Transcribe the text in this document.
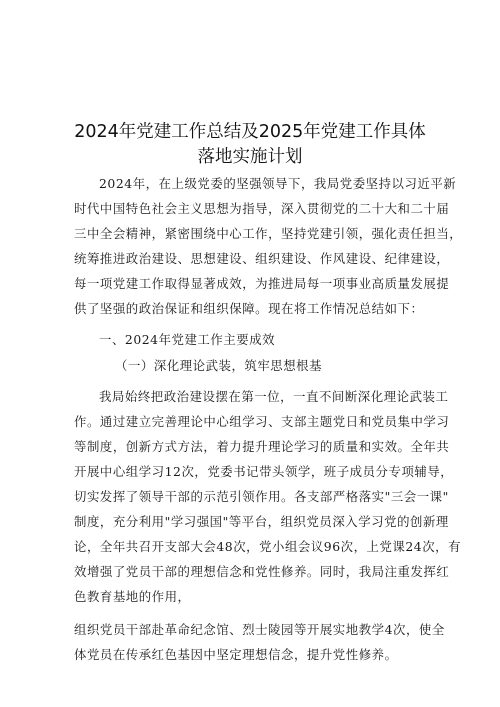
2024年党建工作总结及2025年党建工作具体
落地实施计划
2024年，在上级党委的坚强领导下，我局党委坚持以习近平新
时代中国特色社会主义思想为指导，深入贯彻党的二十大和二十届
三中全会精神，紧密围绕中心工作，坚持党建引领，强化责任担当，
统筹推进政治建设、思想建设、组织建设、作风建设、纪律建设，
每一项党建工作取得显著成效，为推进局每一项事业高质量发展提
供了坚强的政治保证和组织保障。现在将工作情况总结如下：
一、2024年党建工作主要成效
（一）深化理论武装，筑牢思想根基
我局始终把政治建设摆在第一位，一直不间断深化理论武装工
作。通过建立完善理论中心组学习、支部主题党日和党员集中学习
等制度，创新方式方法，着力提升理论学习的质量和实效。全年共
开展中心组学习12次，党委书记带头领学，班子成员分专项辅导，
切实发挥了领导干部的示范引领作用。各支部严格落实"三会一课"
制度，充分利用"学习强国"等平台，组织党员深入学习党的创新理
论，全年共召开支部大会48次，党小组会议96次，上党课24次，有
效增强了党员干部的理想信念和党性修养。同时，我局注重发挥红
色教育基地的作用，
组织党员干部赴革命纪念馆、烈士陵园等开展实地教学4次，使全
体党员在传承红色基因中坚定理想信念，提升党性修养。
